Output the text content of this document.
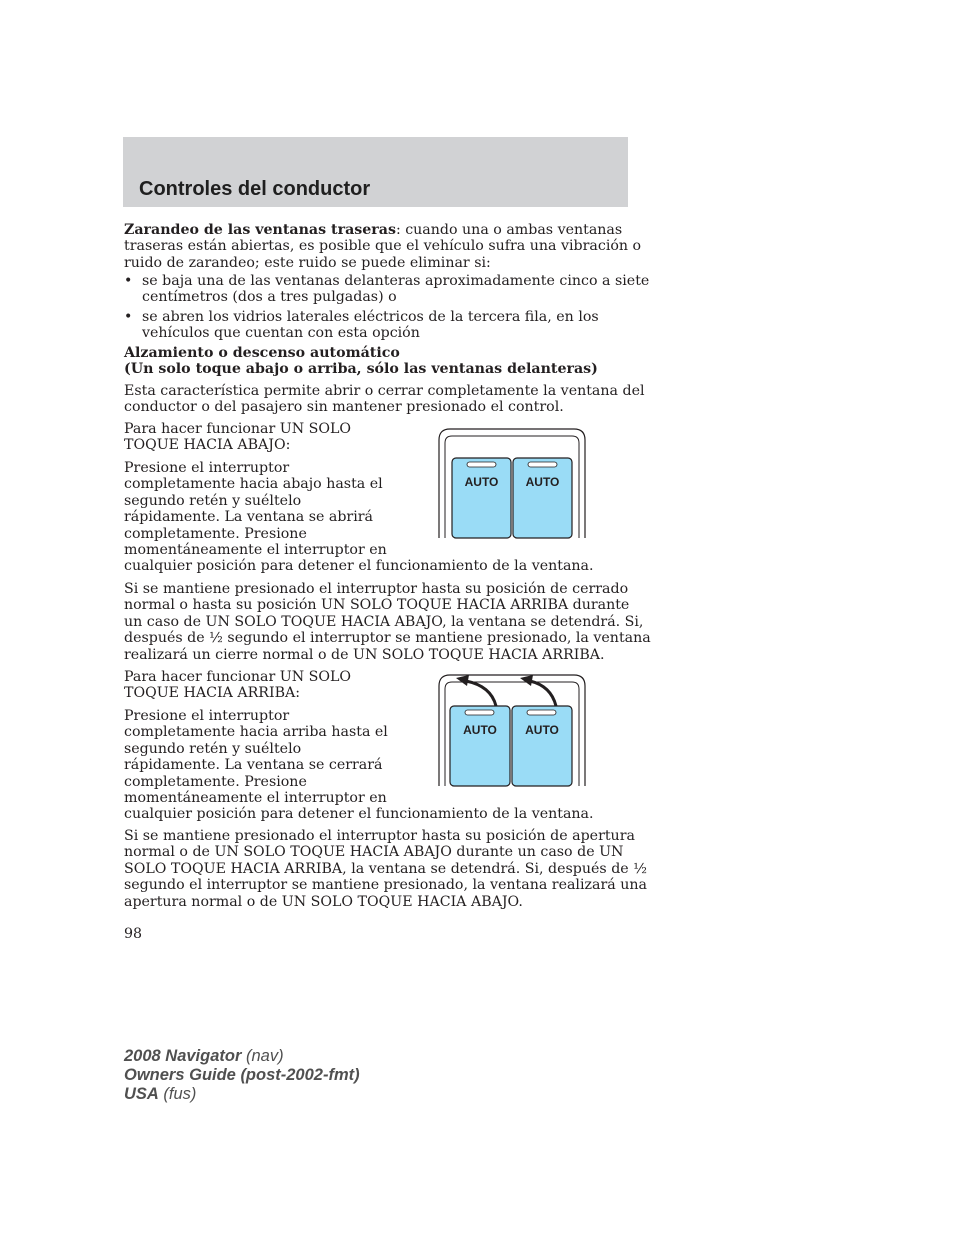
Controles del conductor

Zarandeo de las ventanas traseras: cuando una o ambas ventanas
traseras están abiertas, es posible que el vehículo sufra una vibración o
ruido de zarandeo; este ruido se puede eliminar si:

• se baja una de las ventanas delanteras aproximadamente cinco a siete
centímetros (dos a tres pulgadas) o
• se abren los vidrios laterales eléctricos de la tercera fila, en los
vehículos que cuentan con esta opción

Alzamiento o descenso automático
(Un solo toque abajo o arriba, sólo las ventanas delanteras)

Esta característica permite abrir o cerrar completamente la ventana del
conductor o del pasajero sin mantener presionado el control.

Para hacer funcionar UN SOLO
TOQUE HACIA ABAJO:

Presione el interruptor
completamente hacia abajo hasta el
segundo retén y suéltelo
rápidamente. La ventana se abrirá
completamente. Presione
momentáneamente el interruptor en
cualquier posición para detener el funcionamiento de la ventana.

AUTO AUTO

Si se mantiene presionado el interruptor hasta su posición de cerrado
normal o hasta su posición UN SOLO TOQUE HACIA ARRIBA durante
un caso de UN SOLO TOQUE HACIA ABAJO, la ventana se detendrá. Si,
después de ½ segundo el interruptor se mantiene presionado, la ventana
realizará un cierre normal o de UN SOLO TOQUE HACIA ARRIBA.

Para hacer funcionar UN SOLO
TOQUE HACIA ARRIBA:

Presione el interruptor
completamente hacia arriba hasta el
segundo retén y suéltelo
rápidamente. La ventana se cerrará
completamente. Presione
momentáneamente el interruptor en
cualquier posición para detener el funcionamiento de la ventana.

AUTO AUTO

Si se mantiene presionado el interruptor hasta su posición de apertura
normal o de UN SOLO TOQUE HACIA ABAJO durante un caso de UN
SOLO TOQUE HACIA ARRIBA, la ventana se detendrá. Si, después de ½
segundo el interruptor se mantiene presionado, la ventana realizará una
apertura normal o de UN SOLO TOQUE HACIA ABAJO.

98
2008 Navigator (nav)
Owners Guide (post-2002-fmt)
USA (fus)
